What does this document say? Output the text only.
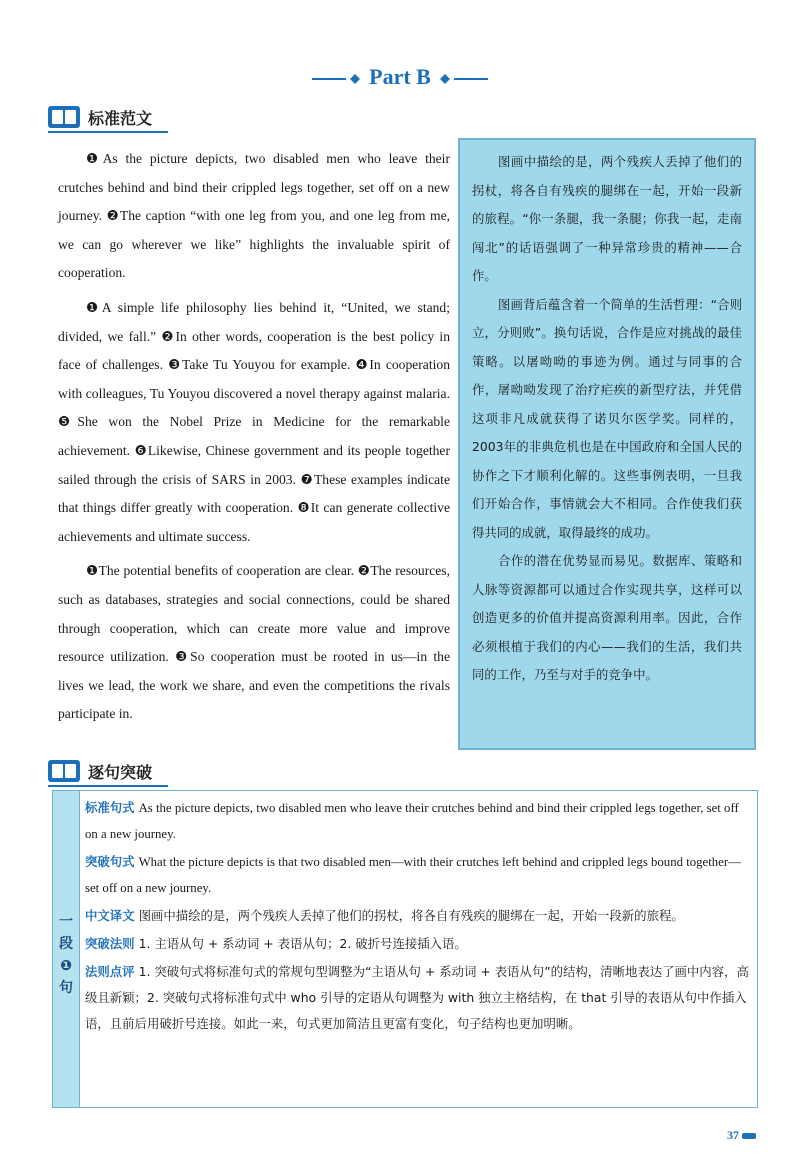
Part B
标准范文

❶As the picture depicts, two disabled men who leave their crutches behind and bind their crippled legs together, set off on a new journey. ❷The caption “with one leg from you, and one leg from me, we can go wherever we like” highlights the invaluable spirit of cooperation.

❶A simple life philosophy lies behind it, “United, we stand; divided, we fall.” ❷In other words, cooperation is the best policy in face of challenges. ❸Take Tu Youyou for example. ❹In cooperation with colleagues, Tu Youyou discovered a novel therapy against malaria. ❺She won the Nobel Prize in Medicine for the remarkable achievement. ❻Likewise, Chinese government and its people together sailed through the crisis of SARS in 2003. ❼These examples indicate that things differ greatly with cooperation. ❽It can generate collective achievements and ultimate success.

❶The potential benefits of cooperation are clear. ❷The resources, such as databases, strategies and social connections, could be shared through cooperation, which can create more value and improve resource utilization. ❸So cooperation must be rooted in us—in the lives we lead, the work we share, and even the competitions the rivals participate in.

图画中描绘的是，两个残疾人丢掉了他们的拐杖，将各自有残疾的腿绑在一起，开始一段新的旅程。“你一条腿，我一条腿；你我一起，走南闯北”的话语强调了一种异常珍贵的精神——合作。

图画背后蕴含着一个简单的生活哲理：“合则立，分则败”。换句话说，合作是应对挑战的最佳策略。以屠呦呦的事迹为例。通过与同事的合作，屠呦呦发现了治疗疟疾的新型疗法，并凭借这项非凡成就获得了诺贝尔医学奖。同样的，2003年的非典危机也是在中国政府和全国人民的协作之下才顺利化解的。这些事例表明，一旦我们开始合作，事情就会大不相同。合作使我们获得共同的成就，取得最终的成功。

合作的潜在优势显而易见。数据库、策略和人脉等资源都可以通过合作实现共享，这样可以创造更多的价值并提高资源利用率。因此，合作必须根植于我们的内心——我们的生活，我们共同的工作，乃至与对手的竞争中。

逐句突破
一段❶句
标准句式 As the picture depicts, two disabled men who leave their crutches behind and bind their crippled legs together, set off on a new journey.
突破句式 What the picture depicts is that two disabled men—with their crutches left behind and crippled legs bound together—set off on a new journey.
中文译文 图画中描绘的是，两个残疾人丢掉了他们的拐杖，将各自有残疾的腿绑在一起，开始一段新的旅程。
突破法则 1. 主语从句 + 系动词 + 表语从句；2. 破折号连接插入语。
法则点评 1. 突破句式将标准句式的常规句型调整为“主语从句 + 系动词 + 表语从句”的结构，清晰地表达了画中内容，高级且新颖；2. 突破句式将标准句式中 who 引导的定语从句调整为 with 独立主格结构，在 that 引导的表语从句中作插入语，且前后用破折号连接。如此一来，句式更加简洁且更富有变化，句子结构也更加明晰。
37
